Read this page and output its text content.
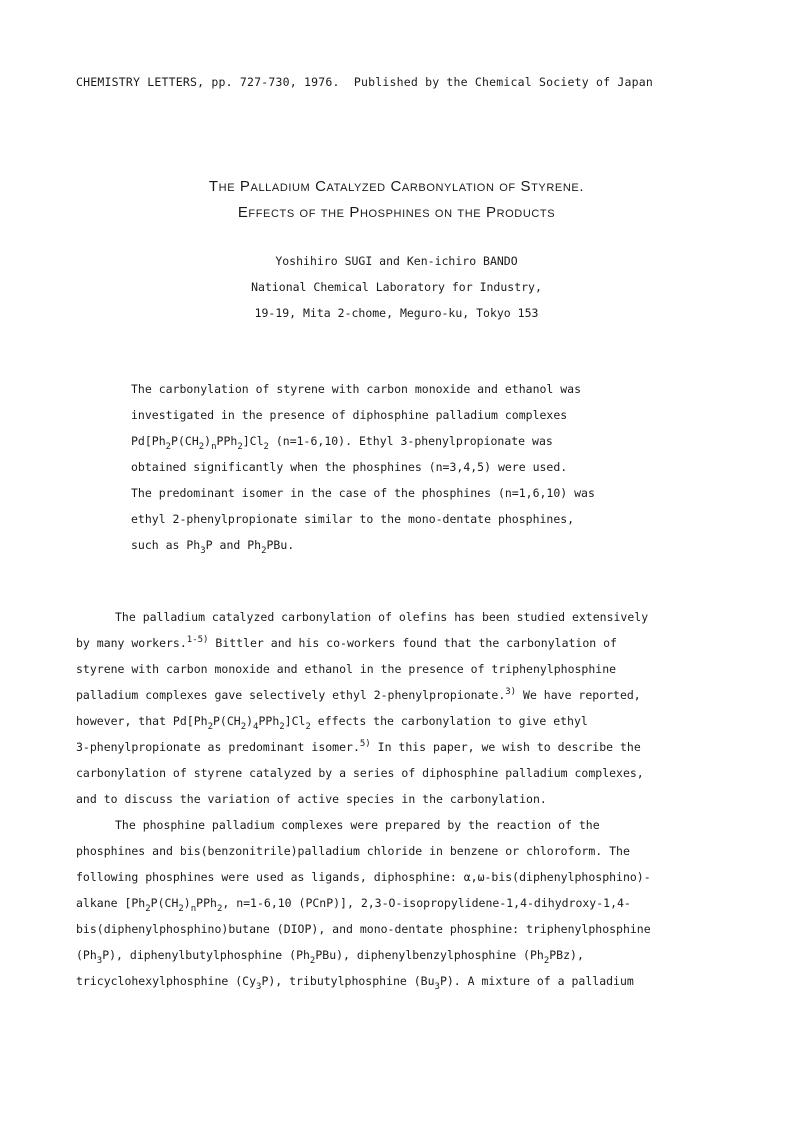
CHEMISTRY LETTERS, pp. 727-730, 1976. Published by the Chemical Society of Japan
The Palladium Catalyzed Carbonylation of Styrene.
Effects of the Phosphines on the Products
Yoshihiro SUGI and Ken-ichiro BANDO
National Chemical Laboratory for Industry,
19-19, Mita 2-chome, Meguro-ku, Tokyo 153
The carbonylation of styrene with carbon monoxide and ethanol was
investigated in the presence of diphosphine palladium complexes
$Pd[Ph_2P(CH_2)_nPPh_2]Cl_2$ (n=1-6,10). Ethyl 3-phenylpropionate was
obtained significantly when the phosphines (n=3,4,5) were used.
The predominant isomer in the case of the phosphines (n=1,6,10) was
ethyl 2-phenylpropionate similar to the mono-dentate phosphines,
such as $Ph_3P$ and $Ph_2PBu$.
The palladium catalyzed carbonylation of olefins has been studied extensively
by many workers.$^{1-5)}$ Bittler and his co-workers found that the carbonylation of
styrene with carbon monoxide and ethanol in the presence of triphenylphosphine
palladium complexes gave selectively ethyl 2-phenylpropionate.$^{3)}$ We have reported,
however, that $Pd[Ph_2P(CH_2)_4PPh_2]Cl_2$ effects the carbonylation to give ethyl
3-phenylpropionate as predominant isomer.$^{5)}$ In this paper, we wish to describe the
carbonylation of styrene catalyzed by a series of diphosphine palladium complexes,
and to discuss the variation of active species in the carbonylation.
The phosphine palladium complexes were prepared by the reaction of the
phosphines and bis(benzonitrile)palladium chloride in benzene or chloroform. The
following phosphines were used as ligands, diphosphine: α,ω-bis(diphenylphosphino)-
alkane [$Ph_2P(CH_2)_nPPh_2$, n=1-6,10 (PCnP)], 2,3-O-isopropylidene-1,4-dihydroxy-1,4-
bis(diphenylphosphino)butane (DIOP), and mono-dentate phosphine: triphenylphosphine
$(Ph_3P)$, diphenylbutylphosphine $(Ph_2PBu)$, diphenylbenzylphosphine $(Ph_2PBz)$,
tricyclohexylphosphine $(Cy_3P)$, tributylphosphine $(Bu_3P)$. A mixture of a palladium
